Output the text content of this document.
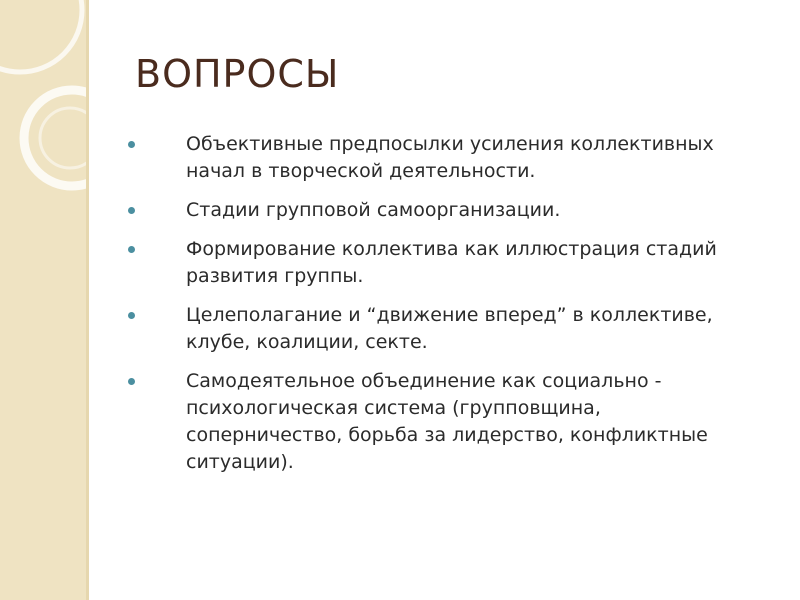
ВОПРОСЫ
Объективные предпосылки усиления коллективных начал в творческой деятельности.
Стадии групповой самоорганизации.
Формирование коллектива как иллюстрация стадий развития группы.
Целеполагание и “движение вперед” в коллективе, клубе, коалиции, секте.
Самодеятельное объединение как социально - психологическая система (групповщина, соперничество, борьба за лидерство, конфликтные ситуации).
